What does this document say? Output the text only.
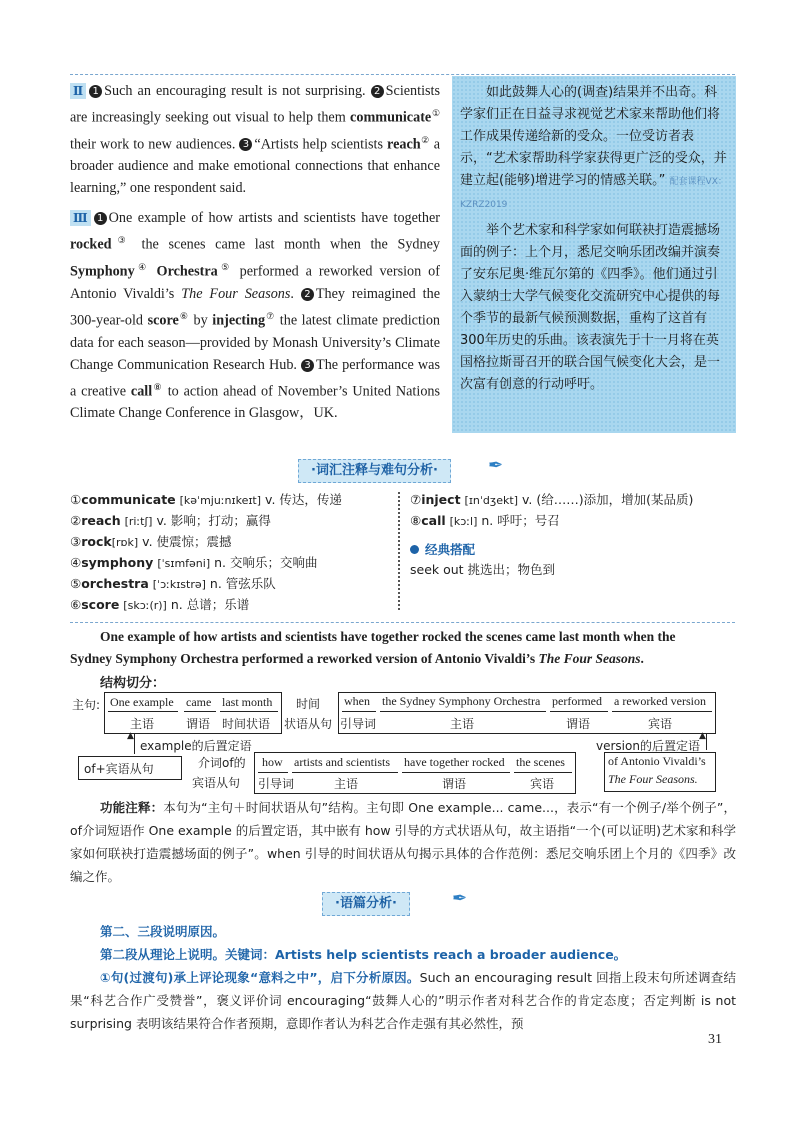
Ⅱ 1 Such an encouraging result is not surprising. 2 Scientists are increasingly seeking out visual to help them communicate① their work to new audiences. 3 “Artists help scientists reach② a broader audience and make emotional connections that enhance learning,” one respondent said.

Ⅲ 1 One example of how artists and scientists have together rocked③ the scenes came last month when the Sydney Symphony④ Orchestra⑤ performed a reworked version of Antonio Vivaldi’s The Four Seasons. 2 They reimagined the 300-year-old score⑥ by injecting⑦ the latest climate prediction data for each season—provided by Monash University’s Climate Change Communication Research Hub. 3 The performance was a creative call⑧ to action ahead of November’s United Nations Climate Change Conference in Glasgow，UK.

如此鼓舞人心的(调查)结果并不出奇。科学家们正在日益寻求视觉艺术家来帮助他们将工作成果传递给新的受众。一位受访者表示，“艺术家帮助科学家获得更广泛的受众，并建立起(能够)增进学习的情感关联。” 配套课程VX：KZRZ2019

举个艺术家和科学家如何联袂打造震撼场面的例子：上个月，悉尼交响乐团改编并演奏了安东尼奥·维瓦尔第的《四季》。他们通过引入蒙纳士大学气候变化交流研究中心提供的每个季节的最新气候预测数据，重构了这首有300年历史的乐曲。该表演先于十一月将在英国格拉斯哥召开的联合国气候变化大会，是一次富有创意的行动呼吁。

·词汇注释与难句分析·	✒
①communicate [kəˈmjuːnɪkeɪt] v. 传达，传递
②reach [riːtʃ] v. 影响；打动；赢得
③rock[rɒk] v. 使震惊；震撼
④symphony [ˈsɪmfəni] n. 交响乐；交响曲
⑤orchestra [ˈɔːkɪstrə] n. 管弦乐队
⑥score [skɔː(r)] n. 总谱；乐谱
⑦inject [ɪnˈdʒekt] v. (给……)添加，增加(某品质)
⑧call [kɔːl] n. 呼吁；号召
经典搭配
seek out 挑选出；物色到
One example of how artists and scientists have together rocked the scenes came last month when the
Sydney Symphony Orchestra performed a reworked version of Antonio Vivaldi’s The Four Seasons.
结构切分：
主句: One example came last month
主语	谓语 时间状语
时间
状语从句
when the Sydney Symphony Orchestra performed a reworked version
引导词	主语	谓语	宾语
▲
example的后置定语
介词of的
宾语从句
of+宾语从句	how artists and scientists have together rocked the scenes
引导词	主语	谓语	宾语
▲
version的后置定语
of Antonio Vivaldi’s
The Four Seasons.
功能注释：本句为“主句＋时间状语从句”结构。主句即 One example... came...，表示“有一个例子/举个例子”，of介词短语作 One example 的后置定语，其中嵌有 how 引导的方式状语从句，故主语指“一个(可以证明)艺术家和科学家如何联袂打造震撼场面的例子”。when 引导的时间状语从句揭示具体的合作范例：悉尼交响乐团上个月的《四季》改编之作。
·语篇分析·	✒
第二、三段说明原因。
第二段从理论上说明。关键词：Artists help scientists reach a broader audience。
①句(过渡句)承上评论现象“意料之中”，启下分析原因。Such an encouraging result 回指上段末句所述调查结果“科艺合作广受赞誉”，褒义评价词 encouraging“鼓舞人心的”明示作者对科艺合作的肯定态度；否定判断 is not surprising 表明该结果符合作者预期，意即作者认为科艺合作走强有其必然性，预
31
